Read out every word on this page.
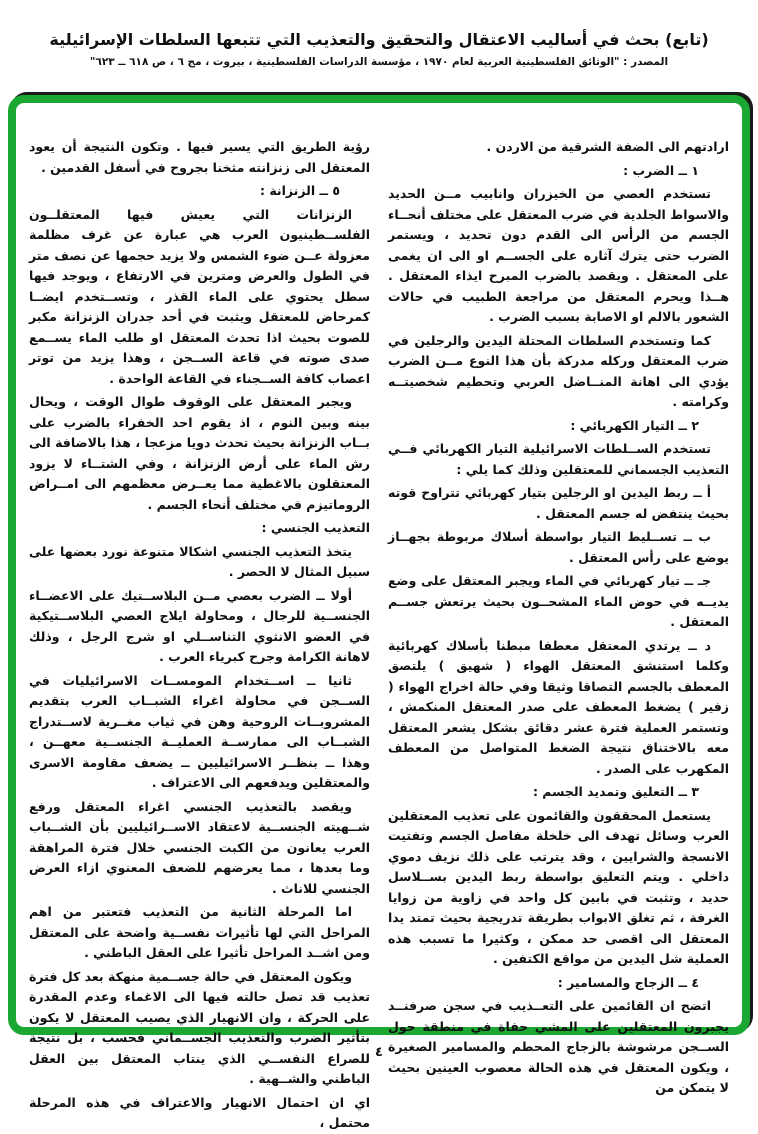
(تابع) بحث في أساليب الاعتقال والتحقيق والتعذيب التي تتبعها السلطات الإسرائيلية
المصدر : "الوثائق الفلسطينية العربية لعام ١٩٧٠ ، مؤسسة الدراسات الفلسطينية ، بيروت ، مج ٦ ، ص ٦١٨ ــ ٦٢٣"
ارادتهم الى الضفة الشرقية من الاردن .
١ ــ الضرب :
تستخدم العصي من الخيزران وانابيب مــن الحديد والاسواط الجلدية في ضرب المعتقل على مختلف أنحــاء الجسم من الرأس الى القدم دون تحديد ، ويستمر الضرب حتى يترك آثاره على الجســم او الى ان يغمى على المعتقل . ويقصد بالضرب المبرح ايذاء المعتقل . هــذا ويحرم المعتقل من مراجعة الطبيب في حالات الشعور بالالم او الاصابة بسبب الضرب .
كما وتستخدم السلطات المحتلة اليدين والرجلين في ضرب المعتقل وركله مدركة بأن هذا النوع مــن الضرب يؤدي الى اهانة المنــاضل العربي وتحطيم شخصيتــه وكرامته .
٢ ــ التيار الكهربائي :
تستخدم الســلطات الاسرائيلية التيار الكهربائي فــي التعذيب الجسماني للمعتقلين وذلك كما يلي :
أ ــ ربط اليدين او الرجلين بتيار كهربائي تتراوح قوته بحيث ينتفض له جسم المعتقل .
ب ــ تســليط التيار بواسطة أسلاك مربوطة بجهــاز يوضع على رأس المعتقل .
جـ ــ تيار كهربائي في الماء ويجبر المعتقل على وضع يديــه في حوض الماء المشحــون بحيث يرتعش جســم المعتقل .
د ــ يرتدي المعتقل معطفا مبطنا بأسلاك كهربائية وكلما استنشق المعتقل الهواء ( شهيق ) يلتصق المعطف بالجسم التصاقا وثيقا وفي حالة اخراج الهواء ( زفير ) يضغط المعطف على صدر المعتقل المنكمش ، وتستمر العملية فترة عشر دقائق بشكل يشعر المعتقل معه بالاختناق نتيجة الضغط المتواصل من المعطف المكهرب على الصدر .
٣ ــ التعليق وتمديد الجسم :
يستعمل المحققون والقائمون على تعذيب المعتقلين العرب وسائل تهدف الى خلخلة مفاصل الجسم وتفتيت الانسجة والشرايين ، وقد يترتب على ذلك نزيف دموي داخلي . ويتم التعليق بواسطة ربط اليدين بســلاسل حديد ، وتثبت في بابين كل واحد في زاوية من زوايا الغرفة ، ثم تغلق الابواب بطريقة تدريجية بحيث تمتد يدا المعتقل الى اقصى حد ممكن ، وكثيرا ما تسبب هذه العملية شل اليدين من مواقع الكتفين .
٤ ــ الزجاج والمسامير :
اتضح ان القائمين على التعــذيب في سجن صرفنــد يجبرون المعتقلين على المشي حفاة في منطقة حول الســجن مرشوشة بالزجاج المحطم والمسامير الصغيرة ، ويكون المعتقل في هذه الحالة معصوب العينين بحيث لا يتمكن من
رؤية الطريق التي يسير فيها . وتكون النتيجة أن يعود المعتقل الى زنزانته مثخنا بجروح في أسفل القدمين .
٥ ــ الزنزانة :
الزنزانات التي يعيش فيها المعتقلــون الفلســطينيون العرب هي عبارة عن غرف مظلمة معزولة عــن ضوء الشمس ولا يزيد حجمها عن نصف متر في الطول والعرض ومترين في الارتفاع ، ويوجد فيها سطل يحتوي على الماء القذر ، وتســتخدم ايضــا كمرحاض للمعتقل ويثبت في أحد جدران الزنزانة مكبر للصوت بحيث اذا تحدث المعتقل او طلب الماء يســمع صدى صوته في قاعة الســجن ، وهذا يزيد من توتر اعصاب كافة الســجناء في القاعة الواحدة .
ويجبر المعتقل على الوقوف طوال الوقت ، ويحال بينه وبين النوم ، اذ يقوم احد الخفراء بالضرب على بــاب الزنزانة بحيث تحدث دويا مزعجا ، هذا بالاضافة الى رش الماء على أرض الزنزانة ، وفي الشتــاء لا يزود المعتقلون بالاغطية مما يعــرض معظمهم الى امــراض الروماتيزم في مختلف أنحاء الجسم .
التعذيب الجنسي :
يتخذ التعذيب الجنسي اشكالا متنوعة نورد بعضها على سبيل المثال لا الحصر .
أولا ــ الضرب بعصي مــن البلاســتيك على الاعضــاء الجنســية للرجال ، ومحاولة ايلاج العصي البلاســتيكية في العضو الانثوي التناســلي او شرج الرجل ، وذلك لاهانة الكرامة وجرح كبرياء العرب .
ثانيا ــ اســتخدام المومســات الاسرائيليات في الســجن في محاولة اغراء الشبــاب العرب بتقديم المشروبــات الروحية وهن في ثياب مغــرية لاســتدراج الشبــاب الى ممارســة العمليــة الجنســية معهــن ، وهذا ــ بنظــر الاسرائيليين ــ يضعف مقاومة الاسرى والمعتقلين ويدفعهم الى الاعتراف .
ويقصد بالتعذيب الجنسي اغراء المعتقل ورفع شــهيته الجنســية لاعتقاد الاســرائيليين بأن الشــباب العرب يعانون من الكبت الجنسي خلال فترة المراهقة وما بعدها ، مما يعرضهم للضعف المعنوي ازاء العرض الجنسي للاناث .
اما المرحلة الثانية من التعذيب فتعتبر من اهم المراحل التي لها تأثيرات نفســية واضحة على المعتقل ومن اشــد المراحل تأثيرا على العقل الباطني .
ويكون المعتقل في حالة جســمية منهكة بعد كل فترة تعذيب قد تصل حالته فيها الى الاغماء وعدم المقدرة على الحركة ، وان الانهيار الذي يصيب المعتقل لا يكون بتأثير الضرب والتعذيب الجســماني فحسب ، بل نتيجة للصراع النفســي الذي ينتاب المعتقل بين العقل الباطني والشــهية .
اي ان احتمال الانهيار والاعتراف في هذه المرحلة محتمل ،
٤
